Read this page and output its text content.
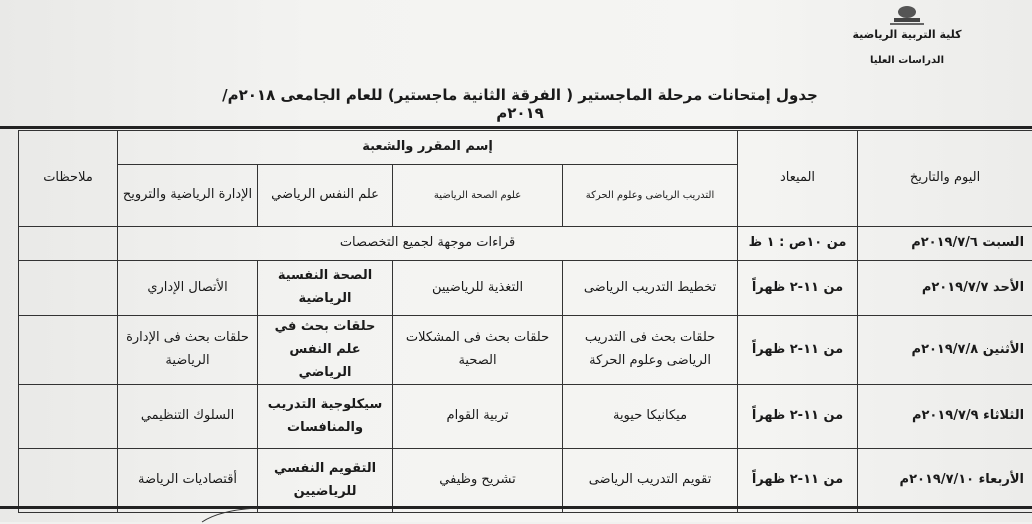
كلية التربية الرياضية
الدراسات العليا
جدول إمتحانات مرحلة الماجستير ( الفرقة الثانية ماجستير) للعام الجامعى ٢٠١٨م/٢٠١٩م
اليوم والتاريخ	الميعاد	إسم المقرر والشعبة				ملاحظات
		التدريب الرياضى وعلوم الحركة	علوم الصحة الرياضية	علم النفس الرياضي	الإدارة الرياضية والترويح	
السبت ٢٠١٩/٧/٦م	من ١٠ص : ١ ظ	قراءات موجهة لجميع التخصصات				
الأحد ٢٠١٩/٧/٧م	من ١١-٢ ظهراً	تخطيط التدريب الرياضى	التغذية للرياضيين	الصحة النفسية الرياضية	الأتصال الإداري	
الأثنين ٢٠١٩/٧/٨م	من ١١-٢ ظهراً	حلقات بحث فى التدريب الرياضى وعلوم الحركة	حلقات بحث فى المشكلات الصحية	حلقات بحث في علم النفس الرياضي	حلقات بحث فى الإدارة الرياضية	
الثلاثاء ٢٠١٩/٧/٩م	من ١١-٢ ظهراً	ميكانيكا حيوية	تربية القوام	سيكلوجية التدريب والمنافسات	السلوك التنظيمي	
الأربعاء ٢٠١٩/٧/١٠م	من ١١-٢ ظهراً	تقويم التدريب الرياضى	تشريح وظيفي	التقويم النفسي للرياضيين	أقتصاديات الرياضة	
